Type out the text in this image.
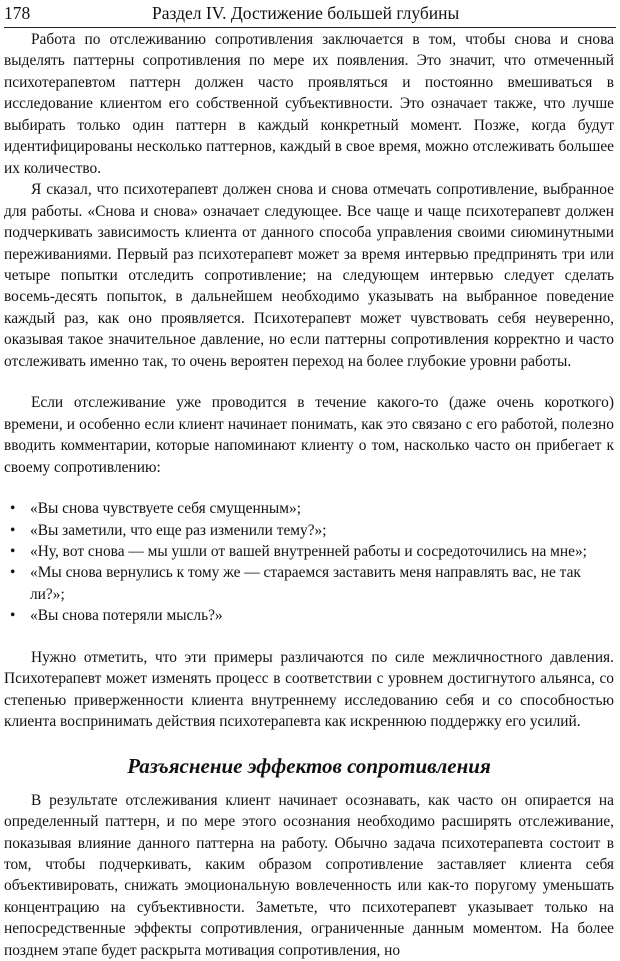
178	Раздел IV. Достижение большей глубины

Работа по отслеживанию сопротивления заключается в том, чтобы снова и снова выделять паттерны сопротивления по мере их появления. Это значит, что отмеченный психотерапевтом паттерн должен часто проявляться и постоянно вмешиваться в исследование клиентом его собственной субъективности. Это означает также, что лучше выбирать только один паттерн в каждый конкретный момент. Позже, когда будут идентифицированы несколько паттернов, каждый в свое время, можно отслеживать большее их количество.

Я сказал, что психотерапевт должен снова и снова отмечать сопротивление, выбранное для работы. «Снова и снова» означает следующее. Все чаще и чаще психотерапевт должен подчеркивать зависимость клиента от данного способа управления своими сиюминутными переживаниями. Первый раз психотерапевт может за время интервью предпринять три или четыре попытки отследить сопротивление; на следующем интервью следует сделать восемь-десять попыток, в дальнейшем необходимо указывать на выбранное поведение каждый раз, как оно проявляется. Психотерапевт может чувствовать себя неуверенно, оказывая такое значительное давление, но если паттерны сопротивления корректно и часто отслеживать именно так, то очень вероятен переход на более глубокие уровни работы.

Если отслеживание уже проводится в течение какого-то (даже очень короткого) времени, и особенно если клиент начинает понимать, как это связано с его работой, полезно вводить комментарии, которые напоминают клиенту о том, насколько часто он прибегает к своему сопротивлению:

• «Вы снова чувствуете себя смущенным»;
• «Вы заметили, что еще раз изменили тему?»;
• «Ну, вот снова — мы ушли от вашей внутренней работы и сосредоточились на мне»;
• «Мы снова вернулись к тому же — стараемся заставить меня направлять вас, не так ли?»;
• «Вы снова потеряли мысль?»

Нужно отметить, что эти примеры различаются по силе межличностного давления. Психотерапевт может изменять процесс в соответствии с уровнем достигнутого альянса, со степенью приверженности клиента внутреннему исследованию себя и со способностью клиента воспринимать действия психотерапевта как искреннюю поддержку его усилий.

Разъяснение эффектов сопротивления

В результате отслеживания клиент начинает осознавать, как часто он опирается на определенный паттерн, и по мере этого осознания необходимо расширять отслеживание, показывая влияние данного паттерна на работу. Обычно задача психотерапевта состоит в том, чтобы подчеркивать, каким образом сопротивление заставляет клиента себя объективировать, снижать эмоциональную вовлеченность или как-то поругому уменьшать концентрацию на субъективности. Заметьте, что психотерапевт указывает только на непосредственные эффекты сопротивления, ограниченные данным моментом. На более позднем этапе будет раскрыта мотивация сопротивления, но
